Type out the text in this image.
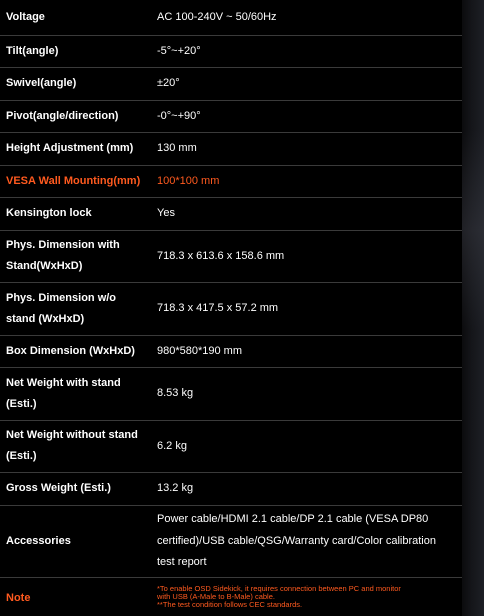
Voltage	AC 100-240V ~ 50/60Hz
Tilt(angle)	-5°~+20°
Swivel(angle)	±20°
Pivot(angle/direction)	-0°~+90°
Height Adjustment (mm)	130 mm
VESA Wall Mounting(mm)	100*100 mm
Kensington lock	Yes
Phys. Dimension with Stand(WxHxD)	718.3 x 613.6 x 158.6 mm
Phys. Dimension w/o stand (WxHxD)	718.3 x 417.5 x 57.2 mm
Box Dimension (WxHxD)	980*580*190 mm
Net Weight with stand (Esti.)	8.53 kg
Net Weight without stand (Esti.)	6.2 kg
Gross Weight (Esti.)	13.2 kg
Accessories	Power cable/HDMI 2.1 cable/DP 2.1 cable (VESA DP80 certified)/USB cable/QSG/Warranty card/Color calibration test report
Note	*To enable OSD Sidekick, it requires connection between PC and monitor
with USB (A-Male to B-Male) cable.
**The test condition follows CEC standards.
